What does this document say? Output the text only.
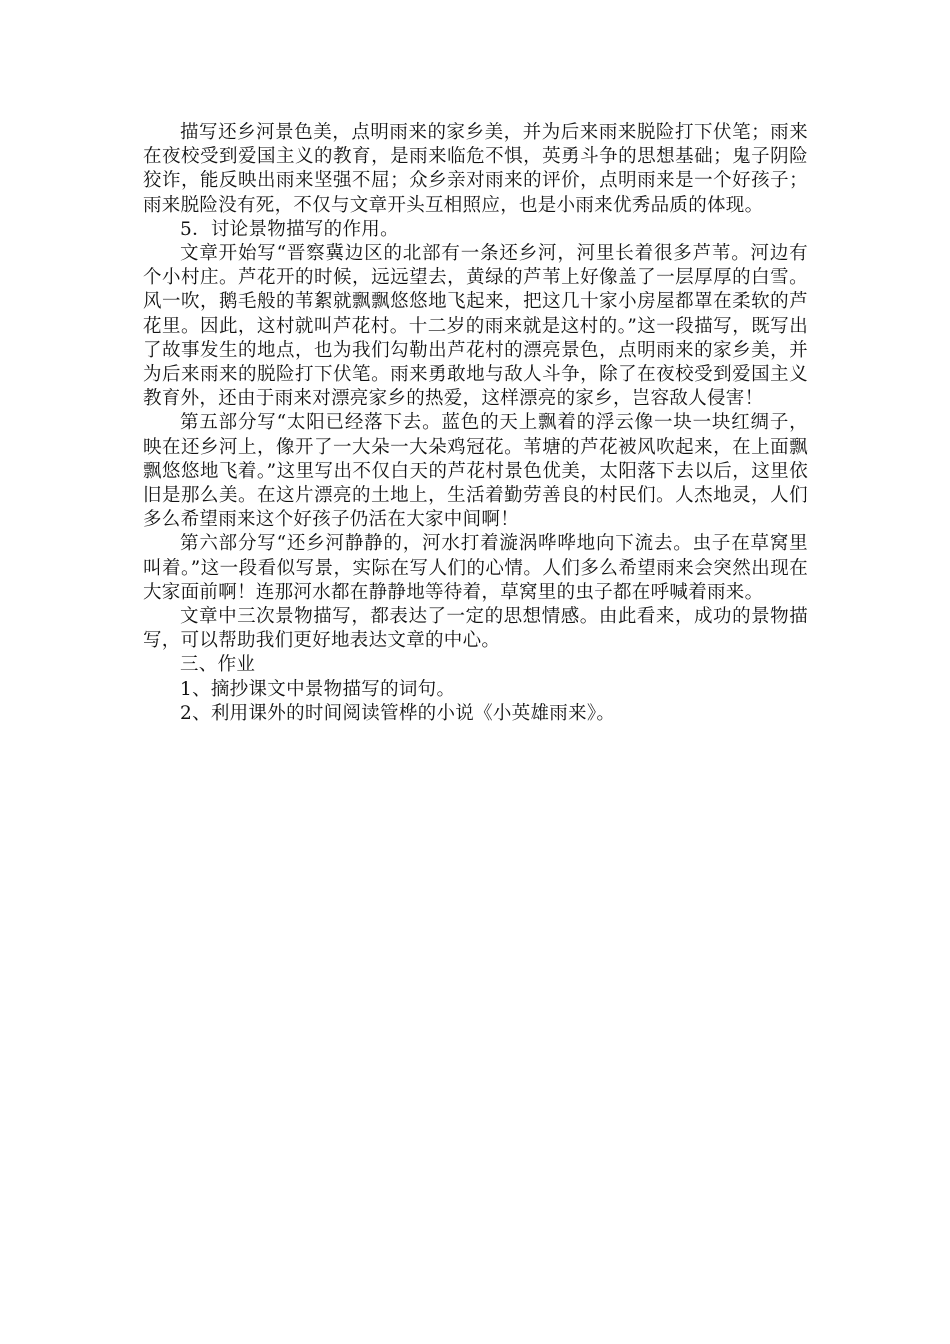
描写还乡河景色美，点明雨来的家乡美，并为后来雨来脱险打下伏笔；雨来在夜校受到爱国主义的教育，是雨来临危不惧，英勇斗争的思想基础；鬼子阴险狡诈，能反映出雨来坚强不屈；众乡亲对雨来的评价，点明雨来是一个好孩子；雨来脱险没有死，不仅与文章开头互相照应，也是小雨来优秀品质的体现。

5．讨论景物描写的作用。

文章开始写“晋察冀边区的北部有一条还乡河，河里长着很多芦苇。河边有个小村庄。芦花开的时候，远远望去，黄绿的芦苇上好像盖了一层厚厚的白雪。风一吹，鹅毛般的苇絮就飘飘悠悠地飞起来，把这几十家小房屋都罩在柔软的芦花里。因此，这村就叫芦花村。十二岁的雨来就是这村的。”这一段描写，既写出了故事发生的地点，也为我们勾勒出芦花村的漂亮景色，点明雨来的家乡美，并为后来雨来的脱险打下伏笔。雨来勇敢地与敌人斗争，除了在夜校受到爱国主义教育外，还由于雨来对漂亮家乡的热爱，这样漂亮的家乡，岂容敌人侵害！

第五部分写“太阳已经落下去。蓝色的天上飘着的浮云像一块一块红绸子，映在还乡河上，像开了一大朵一大朵鸡冠花。苇塘的芦花被风吹起来，在上面飘飘悠悠地飞着。”这里写出不仅白天的芦花村景色优美，太阳落下去以后，这里依旧是那么美。在这片漂亮的土地上，生活着勤劳善良的村民们。人杰地灵，人们多么希望雨来这个好孩子仍活在大家中间啊！

第六部分写“还乡河静静的，河水打着漩涡哗哗地向下流去。虫子在草窝里叫着。”这一段看似写景，实际在写人们的心情。人们多么希望雨来会突然出现在大家面前啊！连那河水都在静静地等待着，草窝里的虫子都在呼喊着雨来。

文章中三次景物描写，都表达了一定的思想情感。由此看来，成功的景物描写，可以帮助我们更好地表达文章的中心。

三、作业

1、摘抄课文中景物描写的词句。

2、利用课外的时间阅读管桦的小说《小英雄雨来》。
